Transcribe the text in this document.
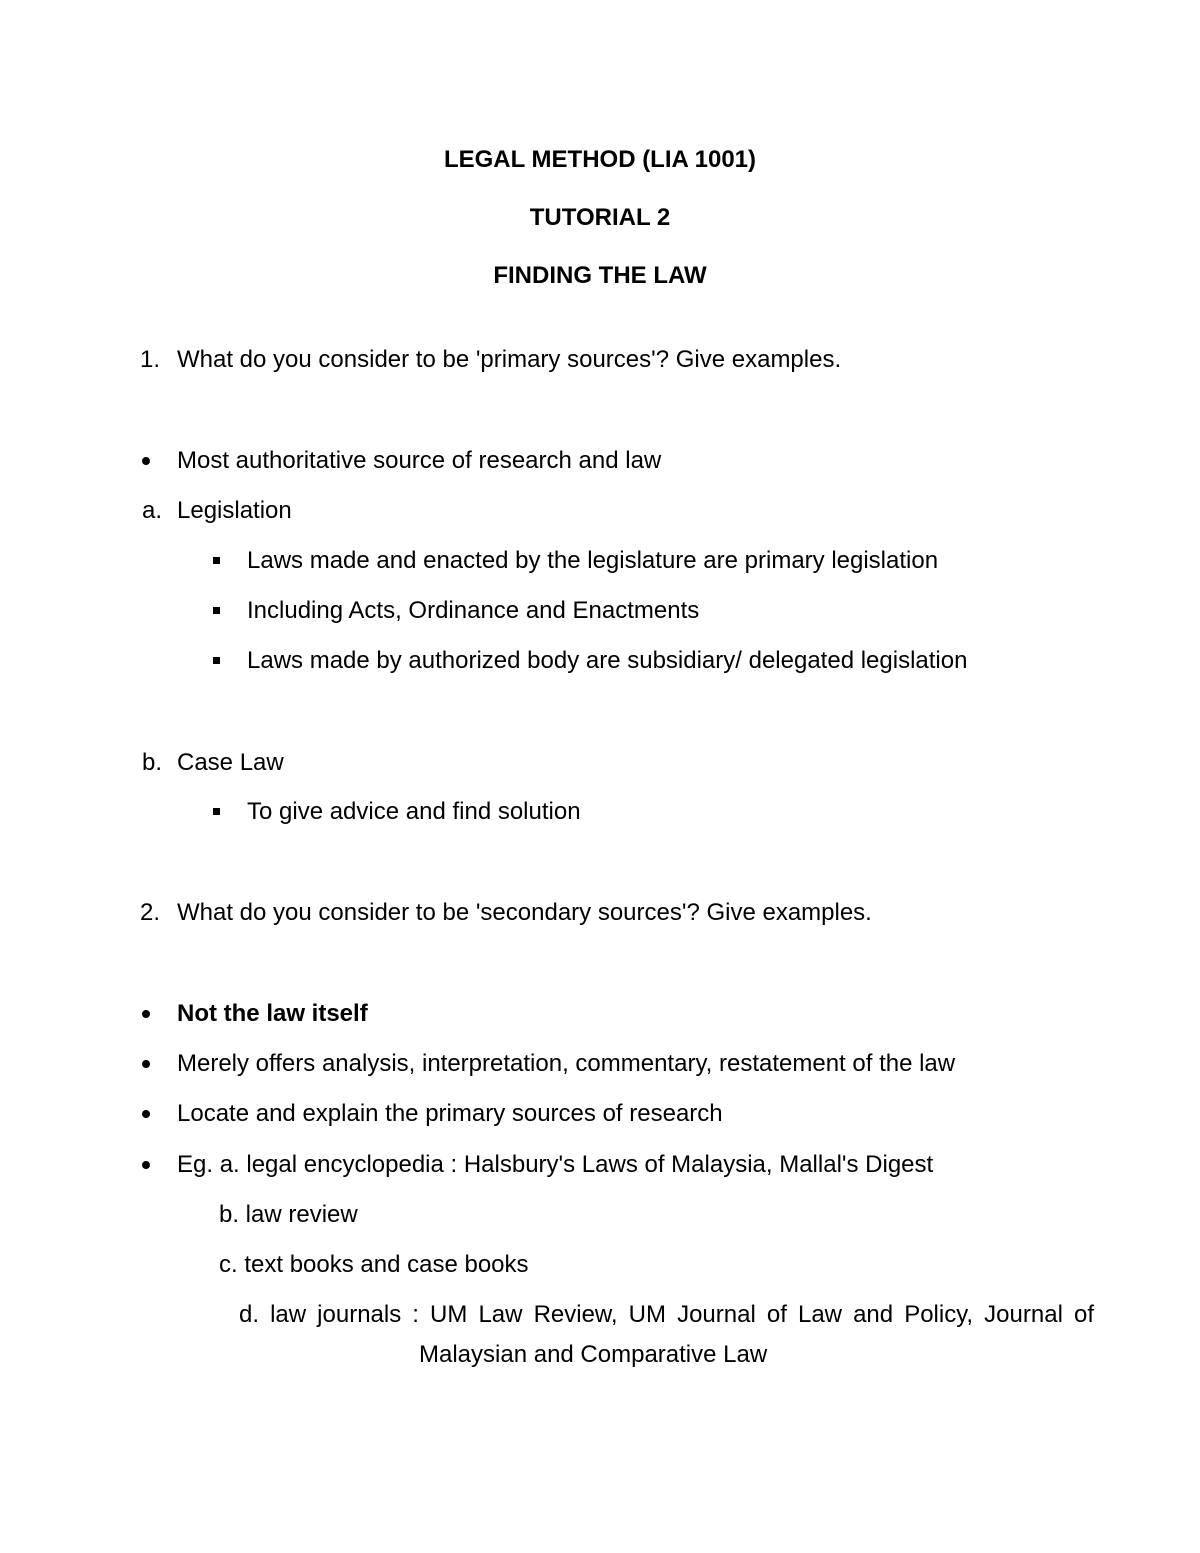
LEGAL METHOD (LIA 1001)
TUTORIAL 2
FINDING THE LAW
1. What do you consider to be 'primary sources'? Give examples.
Most authoritative source of research and law
a. Legislation
Laws made and enacted by the legislature are primary legislation
Including Acts, Ordinance and Enactments
Laws made by authorized body are subsidiary/ delegated legislation
b. Case Law
To give advice and find solution
2. What do you consider to be 'secondary sources'? Give examples.
Not the law itself
Merely offers analysis, interpretation, commentary, restatement of the law
Locate and explain the primary sources of research
Eg. a. legal encyclopedia : Halsbury's Laws of Malaysia, Mallal's Digest
b. law review
c. text books and case books
d. law journals : UM Law Review, UM Journal of Law and Policy, Journal of
Malaysian and Comparative Law
